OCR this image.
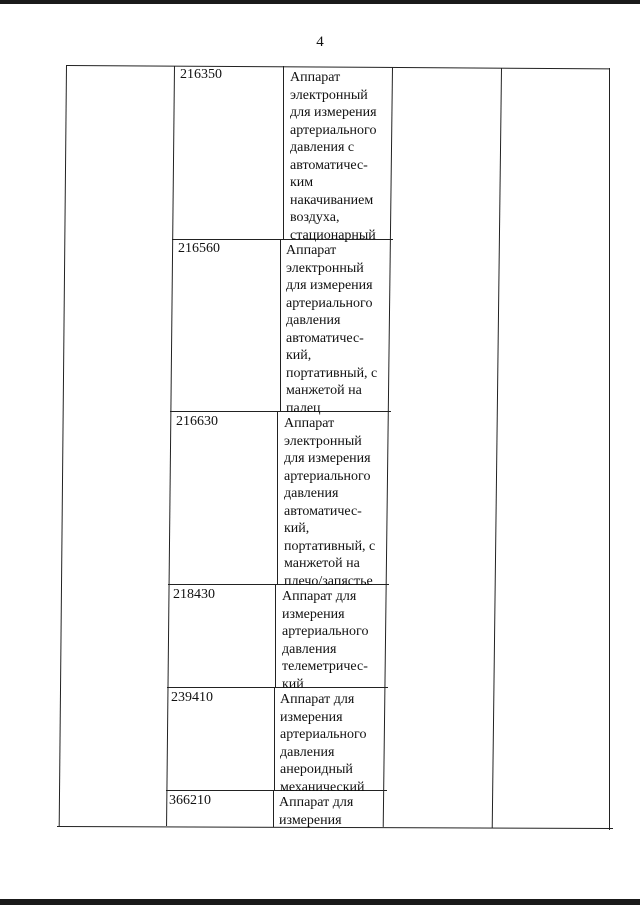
4
216350	Аппарат
электронный
для измерения
артериального
давления с
автоматичес-
ким
накачиванием
воздуха,
стационарный
216560	Аппарат
электронный
для измерения
артериального
давления
автоматичес-
кий,
портативный, с
манжетой на
палец
216630	Аппарат
электронный
для измерения
артериального
давления
автоматичес-
кий,
портативный, с
манжетой на
плечо/запястье
218430	Аппарат для
измерения
артериального
давления
телеметричес-
кий
239410	Аппарат для
измерения
артериального
давления
анероидный
механический
366210	Аппарат для
измерения
